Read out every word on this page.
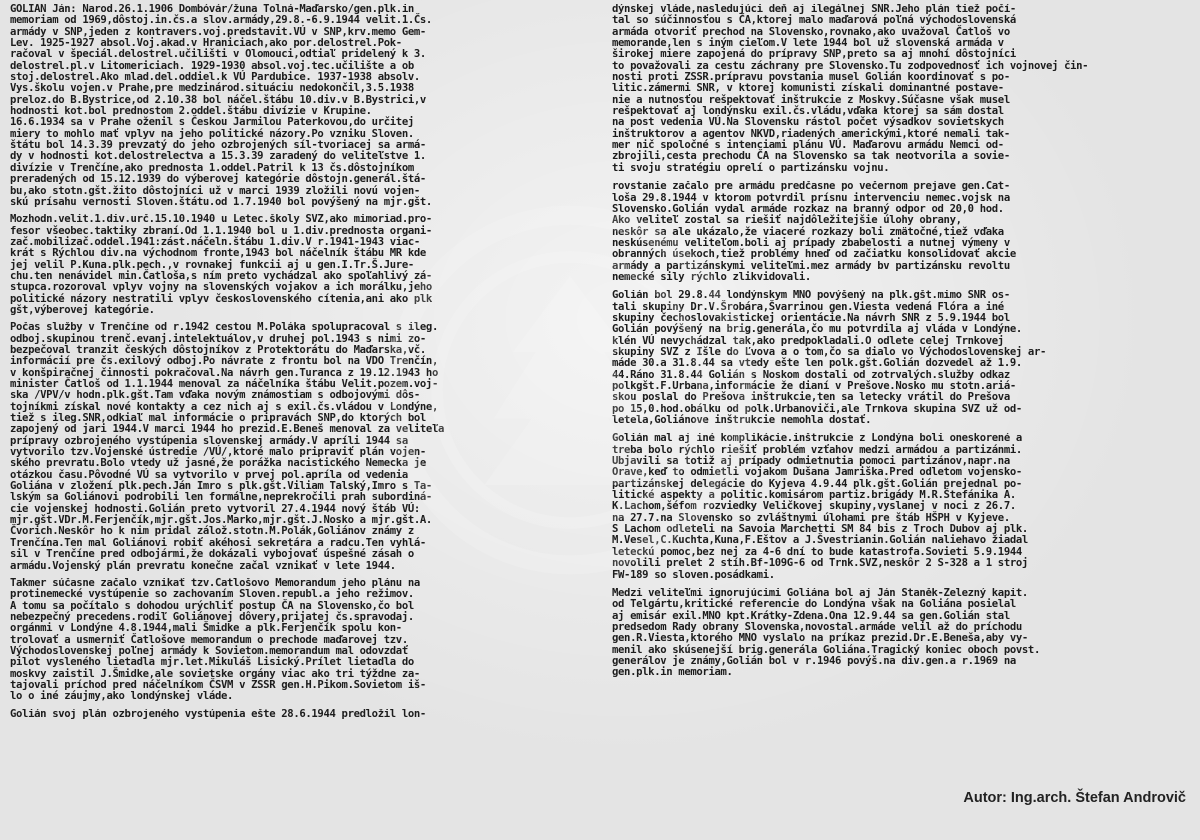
GOLIÁN Ján: Narod.26.1.1906 Dombóvár/žuna Tolná-Maďarsko/gen.plk.in
memoriam od 1969,dôstoj.in.čs.a slov.armády,29.8.-6.9.1944 velit.1.Čs.
armády v SNP,jeden z kontravers.voj.predstavit.VÚ v SNP,krv.memo Gem-
Lev. 1925-1927 absol.Voj.akad.v Hraniciach,ako por.delostrel.Pok-
račoval v špeciál.delostrel.učilišti v Olomouci,odtiaľ pridelený k 3.
delostrel.pl.v Litomericiach. 1929-1930 absol.voj.tec.učilište a ob
stoj.delostrel.Ako mlad.del.oddiel.k VÚ Pardubice. 1937-1938 absolv.
Vys.školu vojen.v Prahe,pre medzinárod.situáciu nedokončil,3.5.1938
preloz.do B.Bystrice,od 2.10.38 bol náčel.štábu 10.div.v B.Bystrici,v
hodnosti kot.bol prednostom 2.oddel.štábu divízie v Krupine.
16.6.1934 sa v Prahe oženil s Českou Jarmilou Paterkovou,do určitej
miery to mohlo mať vplyv na jeho politické názory.Po vzniku Sloven.
štátu bol 14.3.39 prevzatý do jeho ozbrojených síl-tvoriacej sa armá-
dy v hodnosti kot.delostrelectva a 15.3.39 zaradený do veliteľstve 1.
divízie v Trenčíne,ako prednosta 1.oddel.Patril k 13 čs.dôstojníkom
preradených od 15.12.1939 do výberovej kategórie dôstojn.generál.štá-
bu,ako stotn.gšt.žito dôstojníci už v marci 1939 zložili novú vojen-
skú prísahu vernosti Sloven.štátu.od 1.7.1940 bol povýšený na mjr.gšt.

Mozhodn.velit.1.div.urč.15.10.1940 u Letec.školy SVZ,ako mimoriad.pro-
fesor všeobec.taktiky zbraní.Od 1.1.1940 bol u 1.div.prednosta organi-
zač.mobilizač.oddel.1941:zást.náčeln.štábu 1.div.V r.1941-1943 viac-
krát s Rýchlou div.na východnom fronte,1943 bol náčelník štábu MR kde
jej velil P.Kuna.plk.pech.,v rovnakej funkcii aj u gen.I.Tr.Š.Jure-
chu.ten nenávidel min.Čatloša,s ním preto vychádzal ako spoľahlivý zá-
stupca.rozoroval vplyv vojny na slovenských vojakov a ich morálku,jeho
politické názory nestratili vplyv československého cítenia,ani ako plk
gšt,výberovej kategórie.

Počas služby v Trenčíne od r.1942 cestou M.Poláka spolupracoval s ileg.
odboj.skupinou trenč.evanj.intelektuálov,v druhej pol.1943 s nimi zo-
bezpečoval tranzit českých dôstojníkov z Protektorátu do Maďarska,vč.
informácií pre čs.exilový odboj.Po návrate z frontu bol na VDO Trenčín,
v konšpiračnej činnosti pokračoval.Na návrh gen.Turanca z 19.12.1943 ho
minister Čatloš od 1.1.1944 menoval za náčelníka štábu Velit.pozem.voj-
ska /VPV/v hodn.plk.gšt.Tam vďaka novým známostiam s odbojovými dôs-
tojníkmi získal nové kontakty a cez nich aj s exil.čs.vládou v Londýne,
tiež s ileg.SNR,odkiaľ mal informácie o pripravách SNP,do ktorých bol
zapojený od jari 1944.V marci 1944 ho prezid.E.Beneš menoval za veliteľa
prípravy ozbrojeného vystúpenia slovenskej armády.V apríli 1944 sa
vytvorilo tzv.Vojenské ústredie /VÚ/,ktoré malo pripraviť plán vojen-
ského prevratu.Bolo vtedy už jasné,že porážka nacistického Nemecka je
otázkou času.Pôvodné VÚ sa vytvorilo v prvej pol.apríla od vedenia
Goliána v zložení plk.pech.Ján Imro s plk.gšt.Viliam Talský,Imro s Ta-
lským sa Goliánovi podrobili len formálne,neprekročili prah subordiná-
cie vojenskej hodnosti.Golián preto vytvoril 27.4.1944 nový štáb VÚ:
mjr.gšt.VDr.M.Ferjenčík,mjr.gšt.Jos.Marko,mjr.gšt.J.Nosko a mjr.gšt.A.
Čvorich.Neskôr ho k nim pridal zálož.stotn.M.Polák,Goliánov známy z
Trenčína.Ten mal Goliánovi robiť akéhosi sekretára a radcu.Ten vyhlá-
sil v Trenčíne pred odbojármi,že dokázali vybojovať úspešné zásah o
armádu.Vojenský plán prevratu konečne začal vznikať v lete 1944.

Takmer súčasne začalo vznikať tzv.Čatlošovo Memorandum jeho plánu na
protinemecké vystúpenie so zachovaním Sloven.republ.a jeho režimov.
A tomu sa počítalo s dohodou urýchliť postup ČA na Slovensko,čo bol
nebezpečný precedens.rodiľ Goliánovej dôvery,prijatej čs.spravodaj.
orgánmi v Londýne 4.8.1944,mali Šmidke a plk.Ferjenčík spolu kon-
trolovať a usmerniť Čatlošove memorandum o prechode maďarovej tzv.
Východoslovenskej poľnej armády k Sovietom.memorandum mal odovzdať
pilot vysleného lietadla mjr.let.Mikuláš Lisický.Prílet lietadla do
moskvy zaistil J.Šmidke,ale sovietske orgány viac ako tri týždne za-
tajovali príchod pred náčelníkom ČSVM v ZSSR gen.H.Pikom.Sovietom iš-
lo o iné záujmy,ako londýnskej vláde.

Golián svoj plán ozbrojeného vystúpenia ešte 28.6.1944 predložil lon-

dýnskej vláde,nasledujúci deň aj ilegálnej SNR.Jeho plán tiež počí-
tal so súčinnosťou s ČA,ktorej malo maďarová poľná východoslovenská
armáda otvoriť prechod na Slovensko,rovnako,ako uvažoval Čatloš vo
memorande,len s iným cieľom.V lete 1944 bol už slovenská armáda v
širokej miere zapojená do prípravy SNP,preto sa aj mnohí dôstojníci
to považovali za cestu záchrany pre Slovensko.Tu zodpovednosť ich vojnovej čin-
nosti proti ZSSR.prípravu povstania musel Golián koordinovať s po-
litic.zámermi SNR, v ktorej komunisti získali dominantné postave-
nie a nutnosťou rešpektovať inštrukcie z Moskvy.Súčasne však musel
rešpektovať aj londýnsku exil.čs.vládu,vďaka ktorej sa sám dostal
na post vedenia VÚ.Na Slovensku rástol počet výsadkov sovietskych
inštruktorov a agentov NKVD,riadených americkými,ktoré nemali tak-
mer nič spoločné s intenciami plánu VÚ. Maďarovu armádu Nemci od-
zbrojili,cesta prechodu ČA na Slovensko sa tak neotvorila a sovie-
ti svoju stratégiu oprelí o partizánsku vojnu.

rovstanie začalo pre armádu predčasne po večernom prejave gen.Čat-
loša 29.8.1944 v ktorom potvrdil prísnu intervenciu nemec.vojsk na
Slovensko.Golián vydal armáde rozkaz na branný odpor od 20,0 hod.
Ako veliteľ zostal sa riešiť najdôležitejšie úlohy obrany,
neskôr sa ale ukázalo,že viaceré rozkazy boli zmätočné,tiež vďaka
neskúsenému veliteľom.boli aj prípady zbabelosti a nutnej výmeny v
obranných úsekoch,tiež problémy hneď od začiatku konsolidovať akcie
armády a partizánskymi veliteľmi.mez armády bv partizánsku revoltu
nemecké sily rýchlo zlikvidovali.

Golián bol 29.8.44 londýnskym MNO povýšený na plk.gšt.mimo SNR os-
tali skupiny Dr.V.Šrobára,Švarrinou gen.Viesta vedená Flóra a iné
skupiny čechoslovakistickej orientácie.Na návrh SNR z 5.9.1944 bol
Golián povýšený na brig.generála,čo mu potvrdila aj vláda v Londýne.
klén VÚ nevychádzal tak,ako predpokladali.O odlete celej Trnkovej
skupiny SVZ z Išle do Ľvova a o tom,čo sa dialo vo Východoslovenskej ar-
máde 30.a 31.8.44 sa vtedy ešte len polk.gšt.Golián dozvedel až 1.9.
44.Ráno 31.8.44 Golián s Noskom dostali od zotrvalých.služby odkaz
polkgšt.F.Urbana,informácie že dianí v Prešove.Nosko mu stotn.ariá-
skou poslal do Prešova inštrukcie,ten sa letecky vrátil do Prešova
po 15,0.hod.obálku od polk.Urbanoviči,ale Trnkova skupina SVZ už od-
letela,Goliánove inštrukcie nemohla dostať.

Golián mal aj iné komplikácie.inštrukcie z Londýna boli oneskorené a
treba bolo rýchlo riešiť problém vzťahov medzi armádou a partizánmi.
Ubjavili sa totiž aj prípady odmietnutia pomoci partizánov,napr.na
Orave,keď to odmietli vojakom Dušana Jamriška.Pred odletom vojensko-
partizánskej delegácie do Kyjeva 4.9.44 plk.gšt.Golián prejednal po-
litické aspekty a politic.komisárom partiz.brigády M.R.Štefánika A.
K.Lachom,šéfom rozviedky Veličkovej skupiny,vyslanej v noci z 26.7.
na 27.7.na Slovensko so zvláštnymi úlohami pre štáb HŠPH v Kyjeve.
S Lachom odleteli na Savoia Marchetti SM 84 bis z Troch Dubov aj plk.
M.Vesel,C.Kuchta,Kuna,F.Eštov a J.Švestrianin.Golián naliehavo žiadal
leteckú pomoc,bez nej za 4-6 dní to bude katastrofa.Sovieti 5.9.1944
novolili prelet 2 stíh.Bf-109G-6 od Trnk.SVZ,neskôr 2 S-328 a 1 stroj
FW-189 so sloven.posádkami.

Medzi veliteľmi ignorujúcimi Goliána bol aj Ján Staněk-Železný kapit.
od Telgártu,kritické referencie do Londýna však na Goliána posielal
aj emisár exil.MNO kpt.Krátky-Zdena.Ona 12.9.44 sa gen.Golián stal
predsedom Rady obrany Slovenska,novostal.armáde velil až do príchodu
gen.R.Viesta,ktorého MNO vyslalo na príkaz prezid.Dr.E.Beneša,aby vy-
menil ako skúsenejší brig.generála Goliána.Tragický koniec oboch povst.
generálov je známy,Golián bol v r.1946 povýš.na div.gen.a r.1969 na
gen.plk.in memoriam.

Autor: Ing.arch. Štefan Androvič
